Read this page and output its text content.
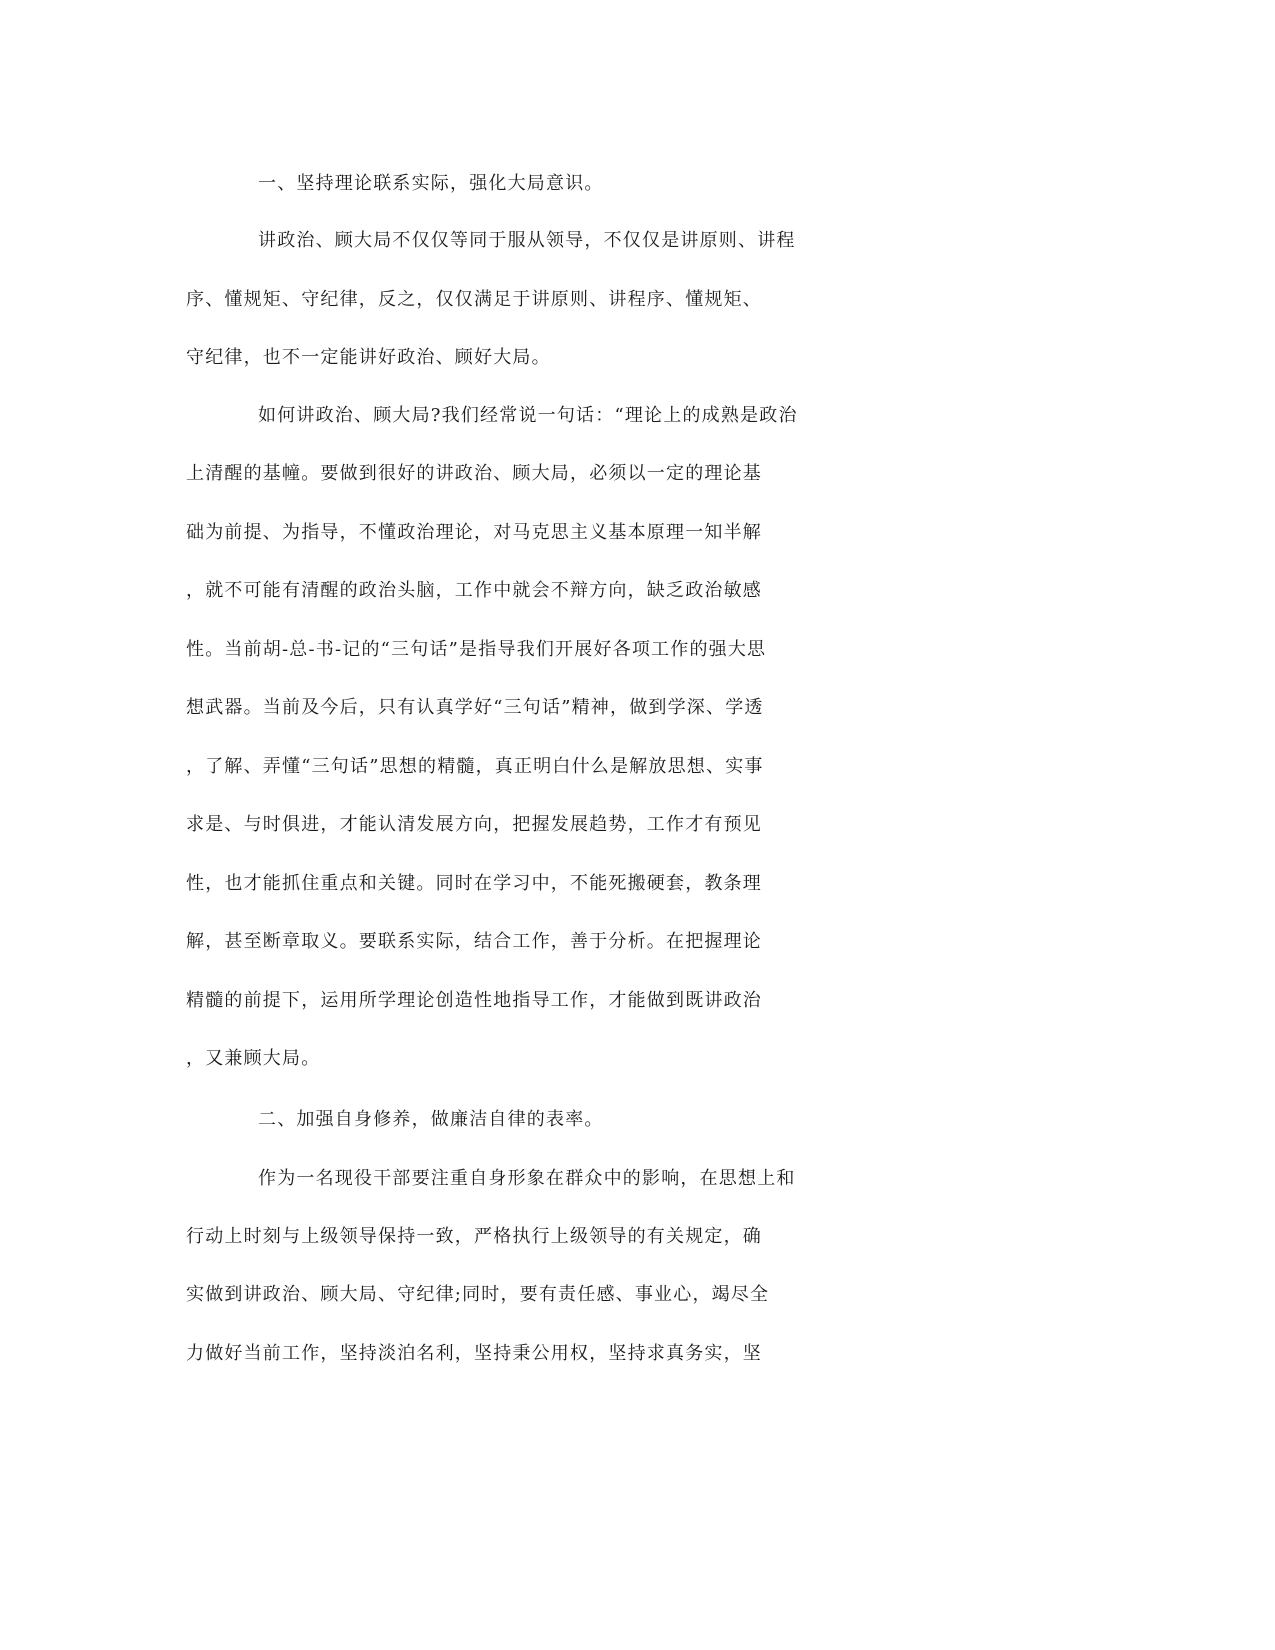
一、坚持理论联系实际，强化大局意识。

讲政治、顾大局不仅仅等同于服从领导，不仅仅是讲原则、讲程

序、懂规矩、守纪律，反之，仅仅满足于讲原则、讲程序、懂规矩、

守纪律，也不一定能讲好政治、顾好大局。

如何讲政治、顾大局?我们经常说一句话：“理论上的成熟是政治

上清醒的基幢。要做到很好的讲政治、顾大局，必须以一定的理论基

础为前提、为指导，不懂政治理论，对马克思主义基本原理一知半解

，就不可能有清醒的政治头脑，工作中就会不辩方向，缺乏政治敏感

性。当前胡-总-书-记的“三句话”是指导我们开展好各项工作的强大思

想武器。当前及今后，只有认真学好“三句话”精神，做到学深、学透

，了解、弄懂“三句话”思想的精髓，真正明白什么是解放思想、实事

求是、与时俱进，才能认清发展方向，把握发展趋势，工作才有预见

性，也才能抓住重点和关键。同时在学习中，不能死搬硬套，教条理

解，甚至断章取义。要联系实际，结合工作，善于分析。在把握理论

精髓的前提下，运用所学理论创造性地指导工作，才能做到既讲政治

，又兼顾大局。

二、加强自身修养，做廉洁自律的表率。

作为一名现役干部要注重自身形象在群众中的影响，在思想上和

行动上时刻与上级领导保持一致，严格执行上级领导的有关规定，确

实做到讲政治、顾大局、守纪律;同时，要有责任感、事业心，竭尽全

力做好当前工作，坚持淡泊名利，坚持秉公用权，坚持求真务实，坚
